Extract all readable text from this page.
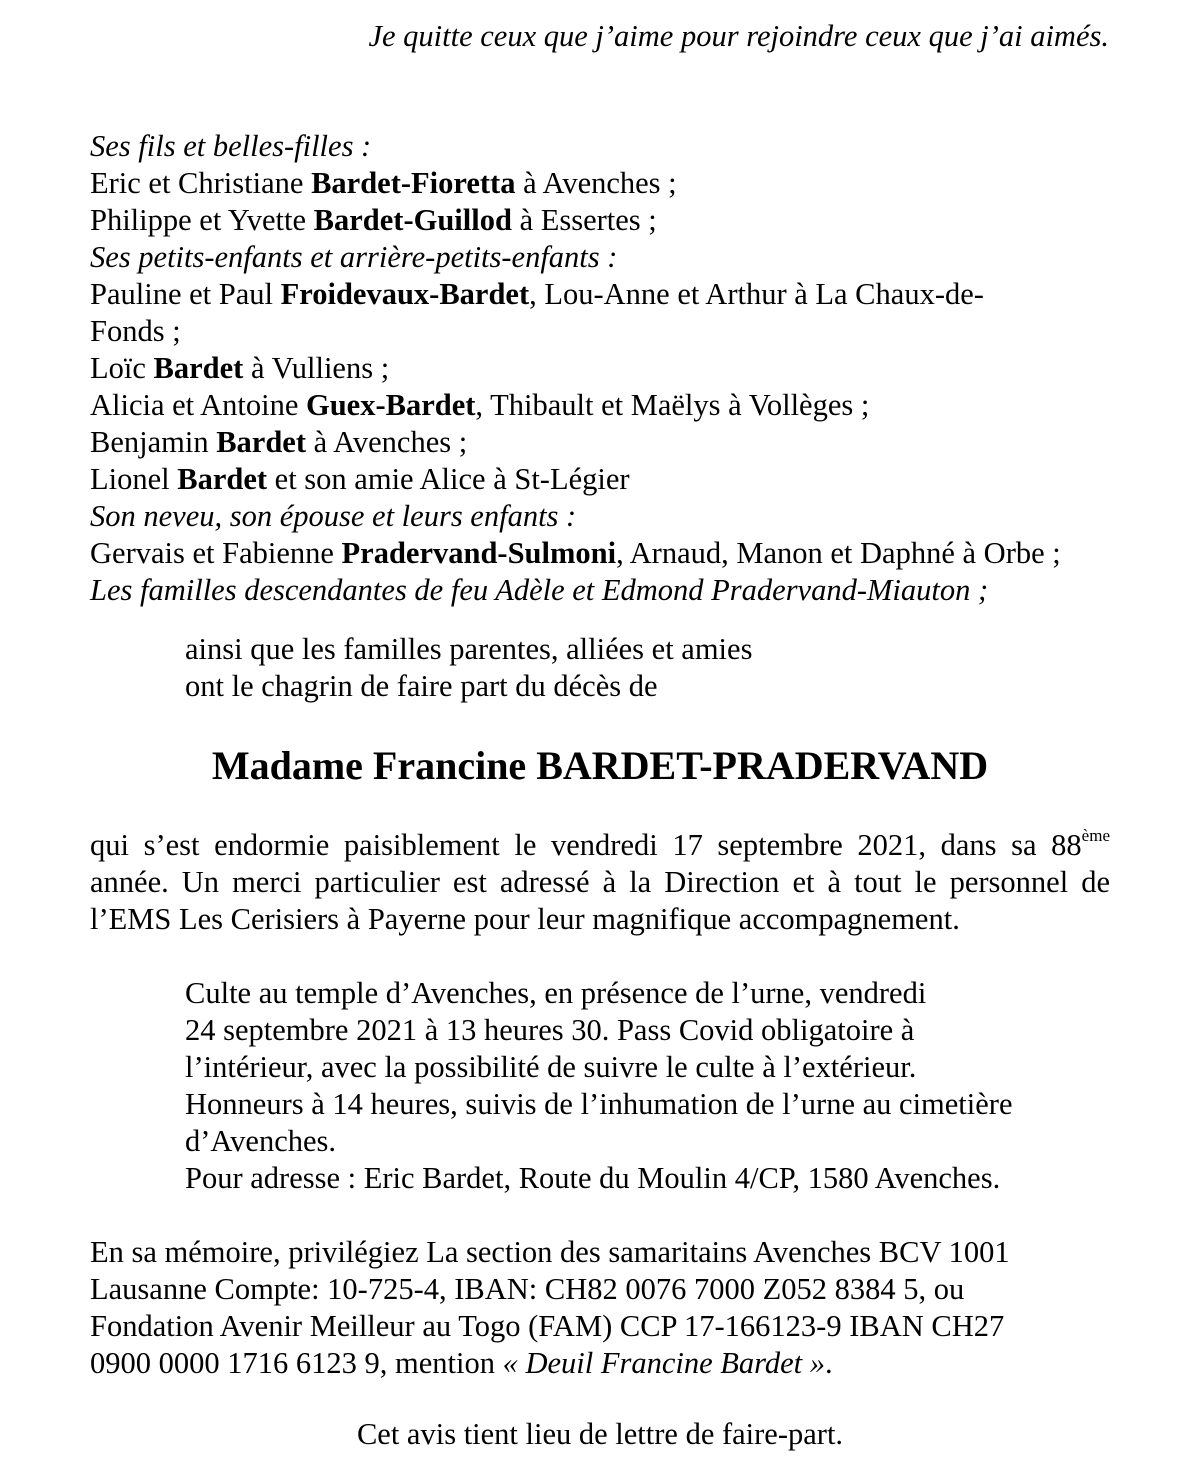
Je quitte ceux que j’aime pour rejoindre ceux que j’ai aimés.
Ses fils et belles-filles :
Eric et Christiane Bardet-Fioretta à Avenches ;
Philippe et Yvette Bardet-Guillod à Essertes ;
Ses petits-enfants et arrière-petits-enfants :
Pauline et Paul Froidevaux-Bardet, Lou-Anne et Arthur à La Chaux-de-
Fonds ;
Loïc Bardet à Vulliens ;
Alicia et Antoine Guex-Bardet, Thibault et Maëlys à Vollèges ;
Benjamin Bardet à Avenches ;
Lionel Bardet et son amie Alice à St-Légier
Son neveu, son épouse et leurs enfants :
Gervais et Fabienne Pradervand-Sulmoni, Arnaud, Manon et Daphné à Orbe ;
Les familles descendantes de feu Adèle et Edmond Pradervand-Miauton ;
ainsi que les familles parentes, alliées et amies
ont le chagrin de faire part du décès de
Madame Francine BARDET-PRADERVAND
qui s’est endormie paisiblement le vendredi 17 septembre 2021, dans sa 88ème année. Un merci particulier est adressé à la Direction et à tout le personnel de l’EMS Les Cerisiers à Payerne pour leur magnifique accompagnement.
Culte au temple d’Avenches, en présence de l’urne, vendredi
24 septembre 2021 à 13 heures 30. Pass Covid obligatoire à
l’intérieur, avec la possibilité de suivre le culte à l’extérieur.
Honneurs à 14 heures, suivis de l’inhumation de l’urne au cimetière
d’Avenches.
Pour adresse : Eric Bardet, Route du Moulin 4/CP, 1580 Avenches.
En sa mémoire, privilégiez La section des samaritains Avenches BCV 1001
Lausanne Compte: 10-725-4, IBAN: CH82 0076 7000 Z052 8384 5, ou
Fondation Avenir Meilleur au Togo (FAM) CCP 17-166123-9 IBAN CH27
0900 0000 1716 6123 9, mention « Deuil Francine Bardet ».
Cet avis tient lieu de lettre de faire-part.
